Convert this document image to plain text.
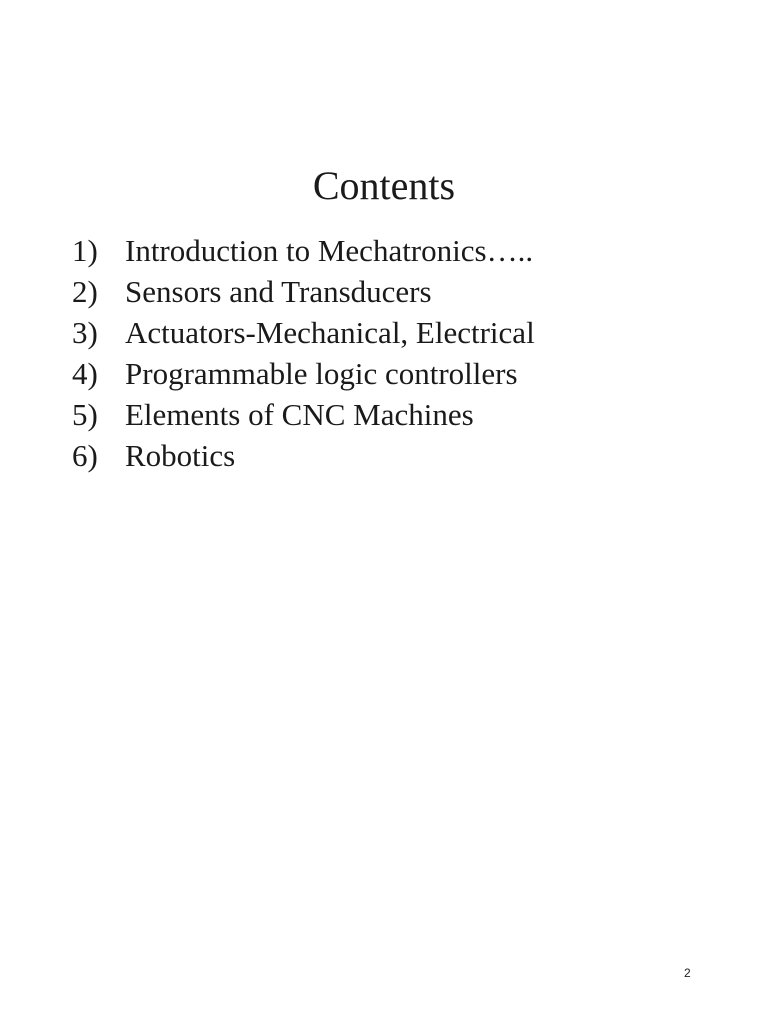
Contents
1) Introduction to Mechatronics…..
2) Sensors and Transducers
3) Actuators-Mechanical, Electrical
4) Programmable logic controllers
5) Elements of CNC Machines
6) Robotics
2
